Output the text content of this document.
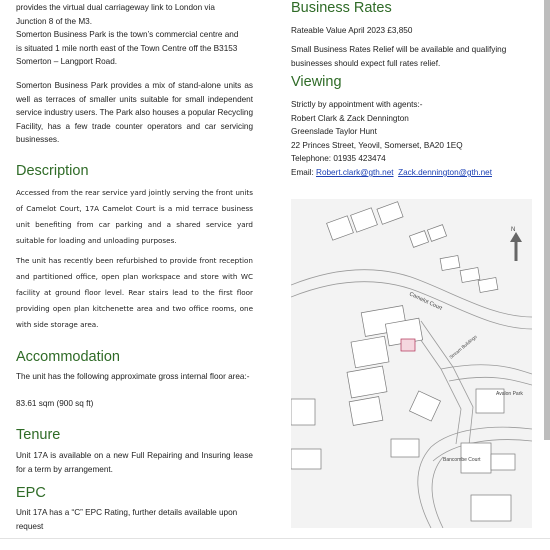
provides the virtual dual carriageway link to London via
Junction 8 of the M3.
Somerton Business Park is the town’s commercial centre and
is situated 1 mile north east of the Town Centre off the B3153
Somerton – Langport Road.
Somerton Business Park provides a mix of stand-alone units as well as terraces of smaller units suitable for small independent service industry users. The Park also houses a popular Recycling Facility, has a few trade counter operators and car servicing businesses.
Description
Accessed from the rear service yard jointly serving the front units of Camelot Court, 17A Camelot Court is a mid terrace business unit benefiting from car parking and a shared service yard suitable for loading and unloading purposes.
The unit has recently been refurbished to provide front reception and partitioned office, open plan workspace and store with WC facility at ground floor level. Rear stairs lead to the first floor providing open plan kitchenette area and two office rooms, one with side storage area.
Accommodation
The unit has the following approximate gross internal floor area:-
83.61 sqm (900 sq ft)
Tenure
Unit 17A is available on a new Full Repairing and Insuring lease for a term by arrangement.
EPC
Unit 17A has a “C” EPC Rating, further details available upon request
Business Rates
Rateable Value April 2023 £3,850
Small Business Rates Relief will be available and qualifying businesses should expect full rates relief.
Viewing
Strictly by appointment with agents:-
Robert Clark & Zack Dennington
Greenslade Taylor Hunt
22 Princes Street, Yeovil, Somerset, BA20 1EQ
Telephone: 01935 423474
Email: Robert.clark@gth.net Zack.dennington@gth.net
N
Camelot Court
Stream Buildings
Avalon Park
Bancombe Court
